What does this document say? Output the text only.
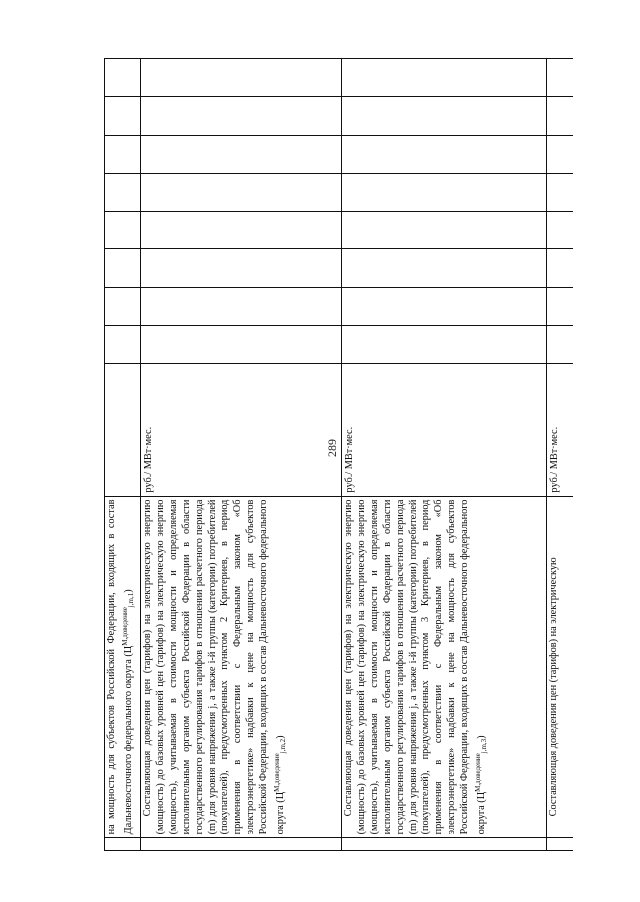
289
	на мощность для субъектов Российской Федерации, входящих в состав Дальневосточного федерального округа $(Ц^{М,доведение}_{j,m,1})$									
	Составляющая доведения цен (тарифов) на электрическую энергию (мощность) до базовых уровней цен (тарифов) на электрическую энергию (мощность), учитываемая в стоимости мощности и определяемая исполнительным органом субъекта Российской Федерации в области государственного регулирования тарифов в отношении расчетного периода (m) для уровня напряжения j, а также i-й группы (категории) потребителей (покупателей), предусмотренных пунктом 2 Критериев, в период применения в соответствии с Федеральным законом «Об электроэнергетике» надбавки к цене на мощность для субъектов Российской Федерации, входящих в состав Дальневосточного федерального округа $(Ц^{М,доведение}_{j,m,2})$	руб./ МВт·мес.								
	Составляющая доведения цен (тарифов) на электрическую энергию (мощность) до базовых уровней цен (тарифов) на электрическую энергию (мощность), учитываемая в стоимости мощности и определяемая исполнительным органом субъекта Российской Федерации в области государственного регулирования тарифов в отношении расчетного периода (m) для уровня напряжения j, а также i-й группы (категории) потребителей (покупателей), предусмотренных пунктом 3 Критериев, в период применения в соответствии с Федеральным законом «Об электроэнергетике» надбавки к цене на мощность для субъектов Российской Федерации, входящих в состав Дальневосточного федерального округа $(Ц^{М,доведение}_{j,m,3})$	руб./ МВт·мес.								
	Составляющая доведения цен (тарифов) на электрическую	руб./ МВт·мес.								
